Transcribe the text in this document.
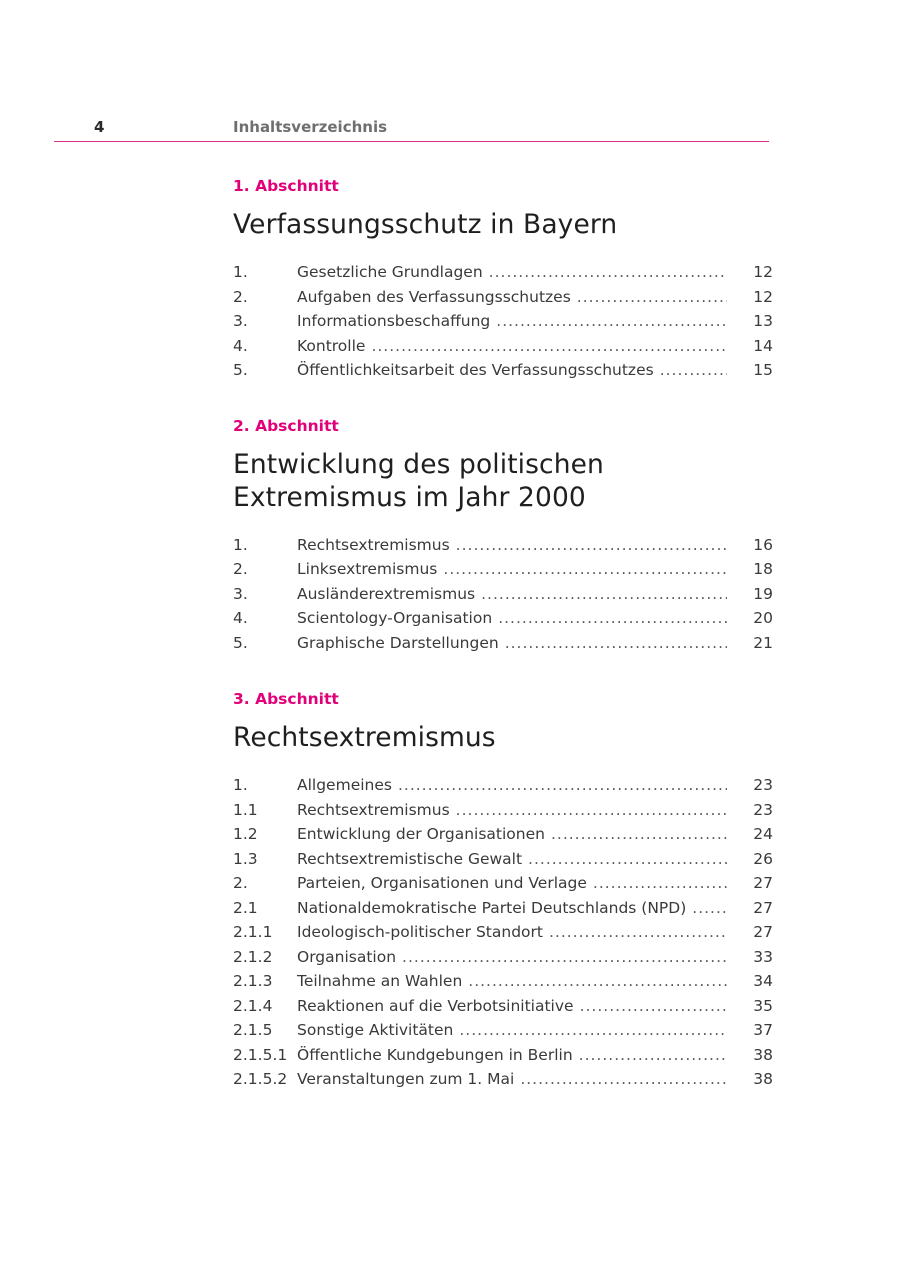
4	Inhaltsverzeichnis

1. Abschnitt

Verfassungsschutz in Bayern
1.	Gesetzliche Grundlagen .....	12
2.	Aufgaben des Verfassungsschutzes .....	12
3.	Informationsbeschaffung .....	13
4.	Kontrolle .....	14
5.	Öffentlichkeitsarbeit des Verfassungsschutzes .....	15

2. Abschnitt

Entwicklung des politischen
Extremismus im Jahr 2000
1.	Rechtsextremismus .....	16
2.	Linksextremismus .....	18
3.	Ausländerextremismus .....	19
4.	Scientology-Organisation .....	20
5.	Graphische Darstellungen .....	21

3. Abschnitt

Rechtsextremismus
1.	Allgemeines .....	23
1.1	Rechtsextremismus .....	23
1.2	Entwicklung der Organisationen .....	24
1.3	Rechtsextremistische Gewalt .....	26
2.	Parteien, Organisationen und Verlage .....	27
2.1	Nationaldemokratische Partei Deutschlands (NPD) .....	27
2.1.1	Ideologisch-politischer Standort .....	27
2.1.2	Organisation .....	33
2.1.3	Teilnahme an Wahlen .....	34
2.1.4	Reaktionen auf die Verbotsinitiative .....	35
2.1.5	Sonstige Aktivitäten .....	37
2.1.5.1 Öffentliche Kundgebungen in Berlin .....	38
2.1.5.2 Veranstaltungen zum 1. Mai .....	38
